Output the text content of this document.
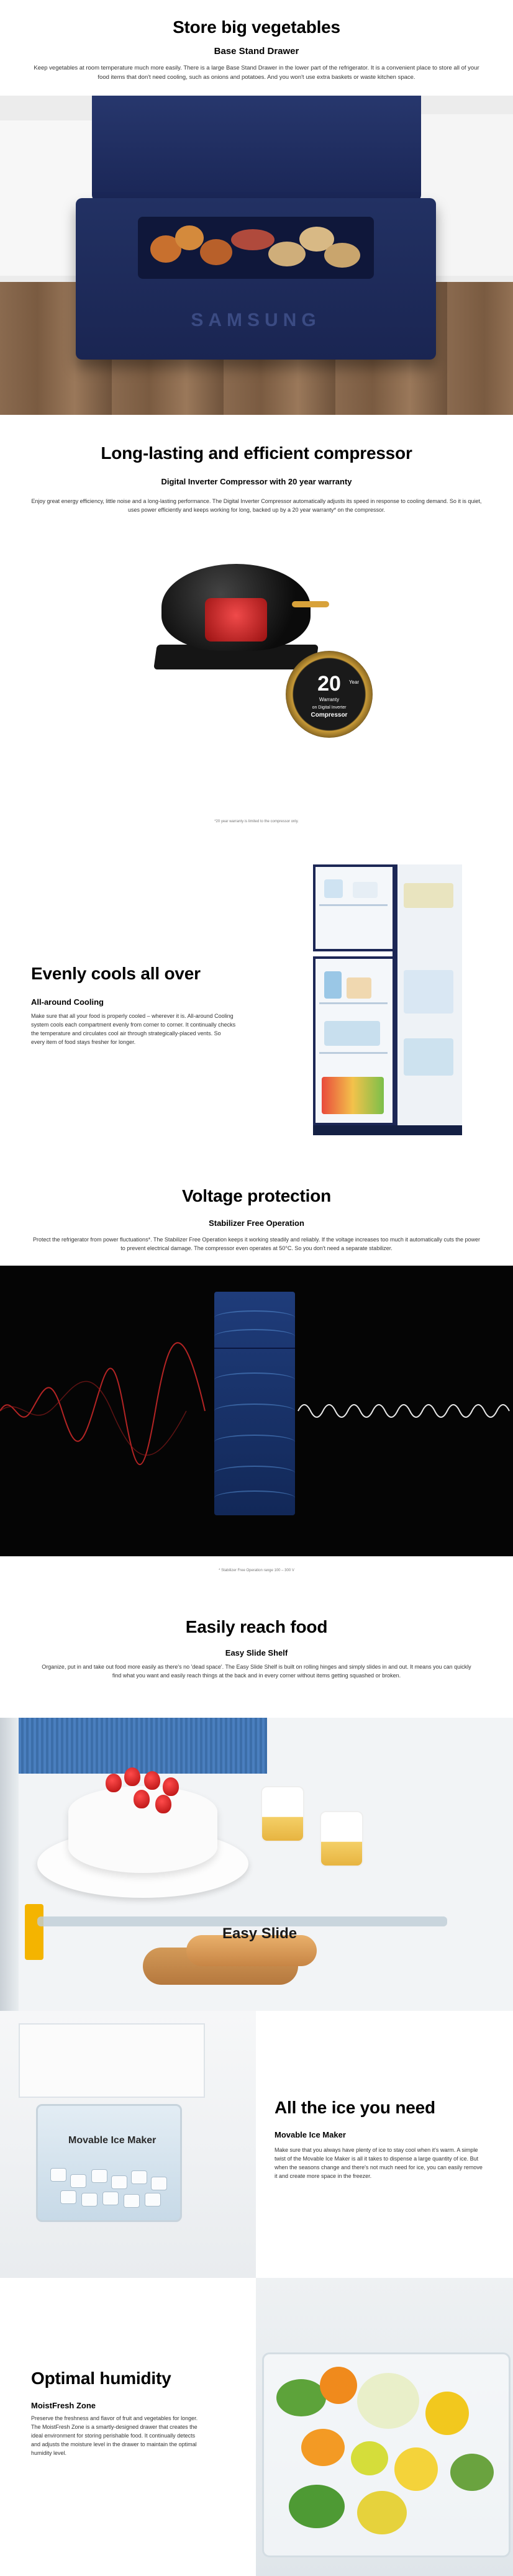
Store big vegetables
Base Stand Drawer
Keep vegetables at room temperature much more easily. There is a large Base Stand Drawer in the lower part of the refrigerator. It is a convenient place to store all of your food items that don't need cooling, such as onions and potatoes. And you won't use extra baskets or waste kitchen space.
SAMSUNG
Long-lasting and efficient compressor
Digital Inverter Compressor with 20 year warranty
Enjoy great energy efficiency, little noise and a long-lasting performance. The Digital Inverter Compressor automatically adjusts its speed in response to cooling demand. So it is quiet, uses power efficiently and keeps working for long, backed up by a 20 year warranty* on the compressor.
20	Year
Warranty
on Digital Inverter
Compressor
*20 year warranty is limited to the compressor only.
Evenly cools all over
All-around Cooling
Make sure that all your food is properly cooled – wherever it is. All-around Cooling system cools each compartment evenly from corner to corner. It continually checks the temperature and circulates cool air through strategically-placed vents. So every item of food stays fresher for longer.
Voltage protection
Stabilizer Free Operation
Protect the refrigerator from power fluctuations*. The Stabilizer Free Operation keeps it working steadily and reliably. If the voltage increases too much it automatically cuts the power to prevent electrical damage. The compressor even operates at 50°C. So you don't need a separate stabilizer.
* Stabilizer Free Operation range 100 – 300 V
Easily reach food
Easy Slide Shelf
Organize, put in and take out food more easily as there's no 'dead space'. The Easy Slide Shelf is built on rolling hinges and simply slides in and out. It means you can quickly find what you want and easily reach things at the back and in every corner without items getting squashed or broken.
Easy Slide
Movable Ice Maker
All the ice you need
Movable Ice Maker
Make sure that you always have plenty of ice to stay cool when it's warm. A simple twist of the Movable Ice Maker is all it takes to dispense a large quantity of ice. But when the seasons change and there's not much need for ice, you can easily remove it and create more space in the freezer.
Optimal humidity
MoistFresh Zone
Preserve the freshness and flavor of fruit and vegetables for longer. The MoistFresh Zone is a smartly-designed drawer that creates the ideal environment for storing perishable food. It continually detects and adjusts the moisture level in the drawer to maintain the optimal humidity level.
